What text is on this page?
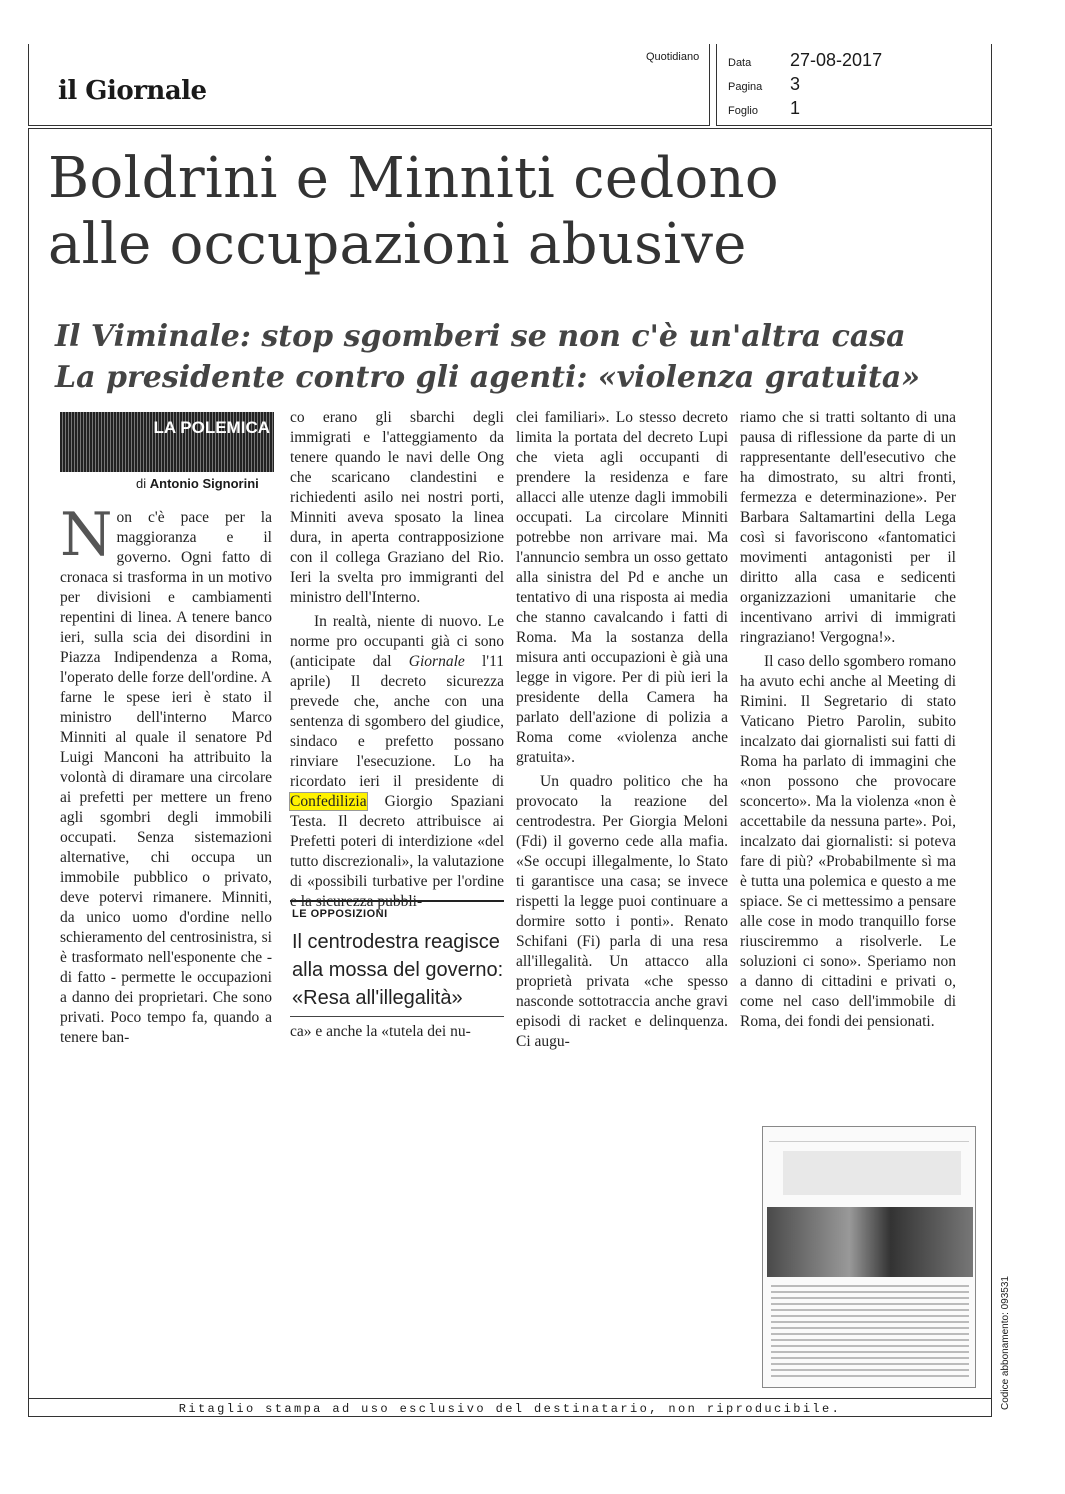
il Giornale
Quotidiano	Data 27-08-2017
Pagina 3
Foglio 1
Boldrini e Minniti cedono
alle occupazioni abusive
Il Viminale: stop sgomberi se non c'è un'altra casa
La presidente contro gli agenti: «violenza gratuita»
LA POLEMICA
di Antonio Signorini

Non c'è pace per la maggioranza e il governo. Ogni fatto di cronaca si trasforma in un motivo per divisioni e cambiamenti repentini di linea. A tenere banco ieri, sulla scia dei disordini in Piazza Indipendenza a Roma, l'operato delle forze dell'ordine. A farne le spese ieri è stato il ministro dell'interno Marco Minniti al quale il senatore Pd Luigi Manconi ha attribuito la volontà di diramare una circolare ai prefetti per mettere un freno agli sgombri degli immobili occupati. Senza sistemazioni alternative, chi occupa un immobile pubblico o privato, deve potervi rimanere. Minniti, da unico uomo d'ordine nello schieramento del centrosinistra, si è trasformato nell'esponente che - di fatto - permette le occupazioni a danno dei proprietari. Che sono privati. Poco tempo fa, quando a tenere ban-

co erano gli sbarchi degli immigrati e l'atteggiamento da tenere quando le navi delle Ong che scaricano clandestini e richiedenti asilo nei nostri porti, Minniti aveva sposato la linea dura, in aperta contrapposizione con il collega Graziano del Rio. Ieri la svelta pro immigranti del ministro dell'Interno.

In realtà, niente di nuovo. Le norme pro occupanti già ci sono (anticipate dal Giornale l'11 aprile) Il decreto sicurezza prevede che, anche con una sentenza di sgombero del giudice, sindaco e prefetto possano rinviare l'esecuzione. Lo ha ricordato ieri il presidente di Confedilizia Giorgio Spaziani Testa. Il decreto attribuisce ai Prefetti poteri di interdizione «del tutto discrezionali», la valutazione di «possibili turbative per l'ordine e la sicurezza pubbli-

LE OPPOSIZIONI
Il centrodestra reagisce alla mossa del governo: «Resa all'illegalità»

ca» e anche la «tutela dei nu-

clei familiari». Lo stesso decreto limita la portata del decreto Lupi che vieta agli occupanti di prendere la residenza e fare allacci alle utenze dagli immobili occupati. La circolare Minniti potrebbe non arrivare mai. Ma l'annuncio sembra un osso gettato alla sinistra del Pd e anche un tentativo di una risposta ai media che stanno cavalcando i fatti di Roma. Ma la sostanza della misura anti occupazioni è già una legge in vigore. Per di più ieri la presidente della Camera ha parlato dell'azione di polizia a Roma come «violenza anche gratuita».

Un quadro politico che ha provocato la reazione del centrodestra. Per Giorgia Meloni (Fdi) il governo cede alla mafia. «Se occupi illegalmente, lo Stato ti garantisce una casa; se invece rispetti la legge puoi continuare a dormire sotto i ponti». Renato Schifani (Fi) parla di una resa all'illegalità. Un attacco alla proprietà privata «che spesso nasconde sottotraccia anche gravi episodi di racket e delinquenza. Ci augu-

riamo che si tratti soltanto di una pausa di riflessione da parte di un rappresentante dell'esecutivo che ha dimostrato, su altri fronti, fermezza e determinazione». Per Barbara Saltamartini della Lega così si favoriscono «fantomatici movimenti antagonisti per il diritto alla casa e sedicenti organizzazioni umanitarie che incentivano arrivi di immigrati ringraziano! Vergogna!».

Il caso dello sgombero romano ha avuto echi anche al Meeting di Rimini. Il Segretario di stato Vaticano Pietro Parolin, subito incalzato dai giornalisti sui fatti di Roma ha parlato di immagini che «non possono che provocare sconcerto». Ma la violenza «non è accettabile da nessuna parte». Poi, incalzato dai giornalisti: si poteva fare di più? «Probabilmente sì ma è tutta una polemica e questo a me spiace. Se ci mettessimo a pensare alle cose in modo tranquillo forse riusciremmo a risolverle. Le soluzioni ci sono». Speriamo non a danno di cittadini e privati o, come nel caso dell'immobile di Roma, dei fondi dei pensionati.

Ritaglio stampa ad uso esclusivo del destinatario, non riproducibile.	Codice abbonamento: 093531
